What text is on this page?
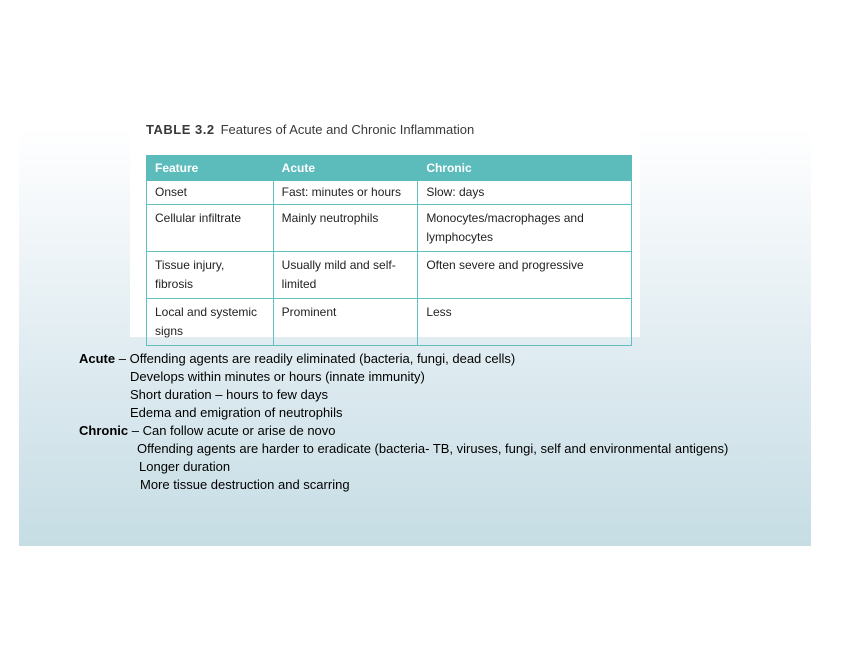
TABLE 3.2 Features of Acute and Chronic Inflammation
Feature	Acute	Chronic
Onset	Fast: minutes or hours	Slow: days
Cellular infiltrate	Mainly neutrophils	Monocytes/macrophages and lymphocytes
Tissue injury, fibrosis	Usually mild and self-limited	Often severe and progressive
Local and systemic signs	Prominent	Less
Acute – Offending agents are readily eliminated (bacteria, fungi, dead cells)
Develops within minutes or hours (innate immunity)
Short duration – hours to few days
Edema and emigration of neutrophils
Chronic – Can follow acute or arise de novo
Offending agents are harder to eradicate (bacteria- TB, viruses, fungi, self and environmental antigens)
Longer duration
More tissue destruction and scarring
